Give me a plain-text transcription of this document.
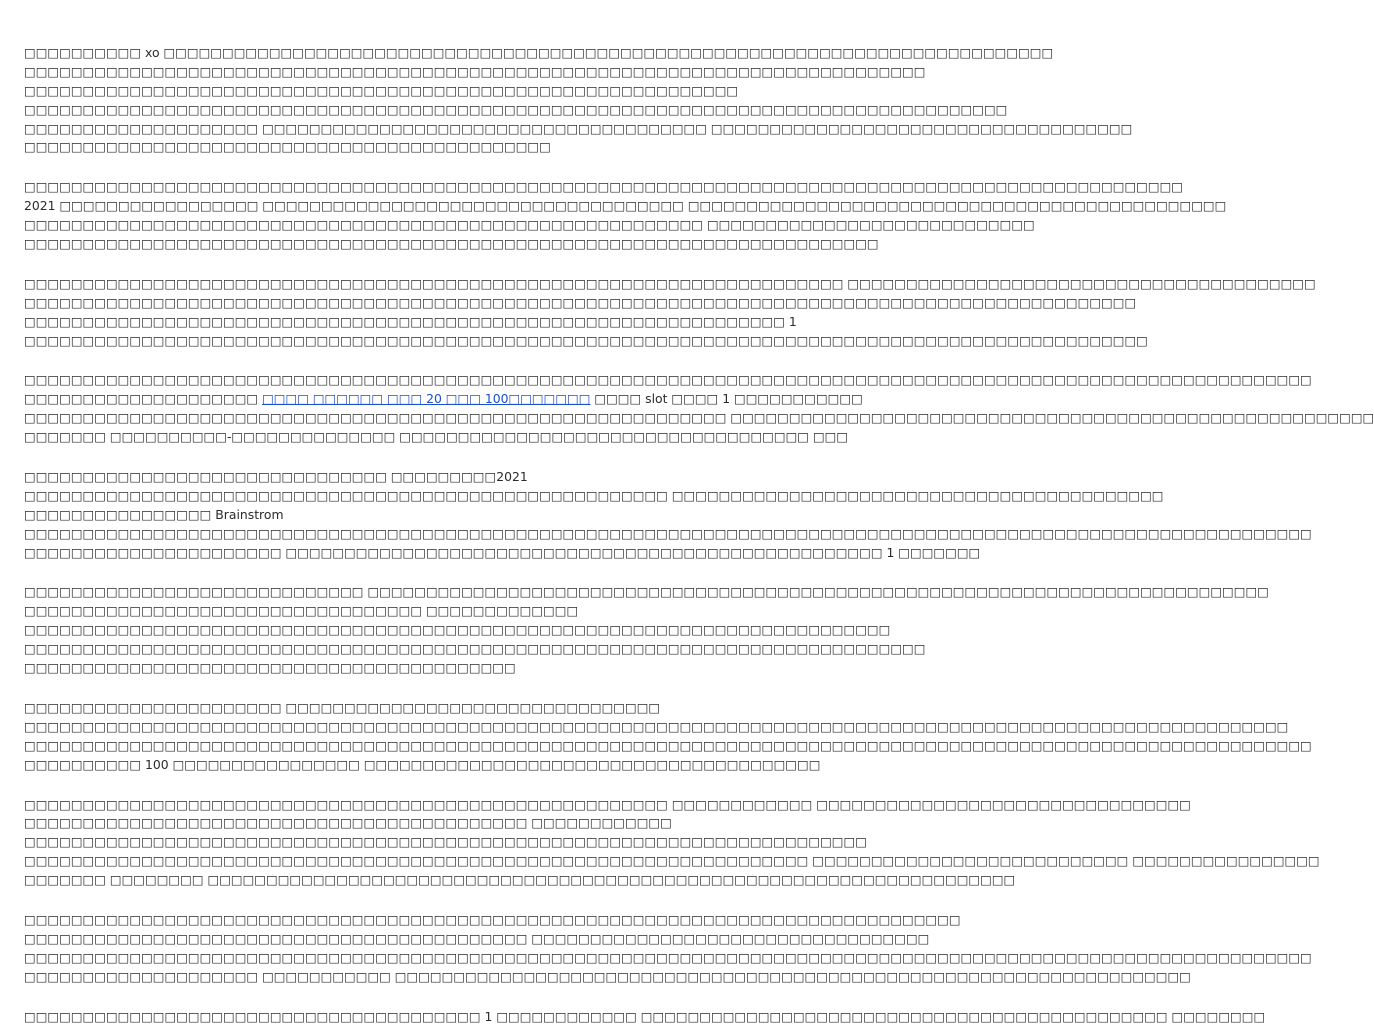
□□□□□□□□□□ xo □□□□□□□□□□□□□□□□□□□□□□□□□□□□□□□□□□□□□□□□□□□□□□□□□□□□□□□□□□□□□□□□□□□□□□□□□□□□
□□□□□□□□□□□□□□□□□□□□□□□□□□□□□□□□□□□□□□□□□□□□□□□□□□□□□□□□□□□□□□□□□□□□□□□□□□□□□
□□□□□□□□□□□□□□□□□□□□□□□□□□□□□□□□□□□□□□□□□□□□□□□□□□□□□□□□□□□□□
□□□□□□□□□□□□□□□□□□□□□□□□□□□□□□□□□□□□□□□□□□□□□□□□□□□□□□□□□□□□□□□□□□□□□□□□□□□□□□□□□□□□
□□□□□□□□□□□□□□□□□□□□ □□□□□□□□□□□□□□□□□□□□□□□□□□□□□□□□□□□□□□ □□□□□□□□□□□□□□□□□□□□□□□□□□□□□□□□□□□□
□□□□□□□□□□□□□□□□□□□□□□□□□□□□□□□□□□□□□□□□□□□□□
□□□□□□□□□□□□□□□□□□□□□□□□□□□□□□□□□□□□□□□□□□□□□□□□□□□□□□□□□□□□□□□□□□□□□□□□□□□□□□□□□□□□□□□□□□□□□□□□□□□
2021 □□□□□□□□□□□□□□□□□ □□□□□□□□□□□□□□□□□□□□□□□□□□□□□□□□□□□□ □□□□□□□□□□□□□□□□□□□□□□□□□□□□□□□□□□□□□□□□□□□□□□
□□□□□□□□□□□□□□□□□□□□□□□□□□□□□□□□□□□□□□□□□□□□□□□□□□□□□□□□□□ □□□□□□□□□□□□□□□□□□□□□□□□□□□□
□□□□□□□□□□□□□□□□□□□□□□□□□□□□□□□□□□□□□□□□□□□□□□□□□□□□□□□□□□□□□□□□□□□□□□□□□
□□□□□□□□□□□□□□□□□□□□□□□□□□□□□□□□□□□□□□□□□□□□□□□□□□□□□□□□□□□□□□□□□□□□□□ □□□□□□□□□□□□□□□□□□□□□□□□□□□□□□□□□□□□□□□□
□□□□□□□□□□□□□□□□□□□□□□□□□□□□□□□□□□□□□□□□□□□□□□□□□□□□□□□□□□□□□□□□□□□□□□□□□□□□□□□□□□□□□□□□□□□□□□□
□□□□□□□□□□□□□□□□□□□□□□□□□□□□□□□□□□□□□□□□□□□□□□□□□□□□□□□□□□□□□□□□□ 1
□□□□□□□□□□□□□□□□□□□□□□□□□□□□□□□□□□□□□□□□□□□□□□□□□□□□□□□□□□□□□□□□□□□□□□□□□□□□□□□□□□□□□□□□□□□□□□□□
□□□□□□□□□□□□□□□□□□□□□□□□□□□□□□□□□□□□□□□□□□□□□□□□□□□□□□□□□□□□□□□□□□□□□□□□□□□□□□□□□□□□□□□□□□□□□□□□□□□□□□□□□□□□□□
□□□□□□□□□□□□□□□□□□□□ □□□□ □□□□□□ □□□ 20 □□□ 100□□□□□□□ □□□□ slot □□□□ 1 □□□□□□□□□□□
□□□□□□□□□□□□□□□□□□□□□□□□□□□□□□□□□□□□□□□□□□□□□□□□□□□□□□□□□□□□ □□□□□□□□□□□□□□□□□□□□□□□□□□□□□□□□□□□□□□□□□□□□□□□□□□□□□□□
□□□□□□□ □□□□□□□□□□-□□□□□□□□□□□□□□ □□□□□□□□□□□□□□□□□□□□□□□□□□□□□□□□□□□ □□□
□□□□□□□□□□□□□□□□□□□□□□□□□□□□□□□ □□□□□□□□□2021
□□□□□□□□□□□□□□□□□□□□□□□□□□□□□□□□□□□□□□□□□□□□□□□□□□□□□□□ □□□□□□□□□□□□□□□□□□□□□□□□□□□□□□□□□□□□□□□□□□
□□□□□□□□□□□□□□□□ Brainstrom
□□□□□□□□□□□□□□□□□□□□□□□□□□□□□□□□□□□□□□□□□□□□□□□□□□□□□□□□□□□□□□□□□□□□□□□□□□□□□□□□□□□□□□□□□□□□□□□□□□□□□□□□□□□□□□
□□□□□□□□□□□□□□□□□□□□□□ □□□□□□□□□□□□□□□□□□□□□□□□□□□□□□□□□□□□□□□□□□□□□□□□□□□ 1 □□□□□□□
□□□□□□□□□□□□□□□□□□□□□□□□□□□□□ □□□□□□□□□□□□□□□□□□□□□□□□□□□□□□□□□□□□□□□□□□□□□□□□□□□□□□□□□□□□□□□□□□□□□□□□□□□□□
□□□□□□□□□□□□□□□□□□□□□□□□□□□□□□□□□□ □□□□□□□□□□□□□
□□□□□□□□□□□□□□□□□□□□□□□□□□□□□□□□□□□□□□□□□□□□□□□□□□□□□□□□□□□□□□□□□□□□□□□□□□
□□□□□□□□□□□□□□□□□□□□□□□□□□□□□□□□□□□□□□□□□□□□□□□□□□□□□□□□□□□□□□□□□□□□□□□□□□□□□
□□□□□□□□□□□□□□□□□□□□□□□□□□□□□□□□□□□□□□□□□□
□□□□□□□□□□□□□□□□□□□□□□ □□□□□□□□□□□□□□□□□□□□□□□□□□□□□□□□
□□□□□□□□□□□□□□□□□□□□□□□□□□□□□□□□□□□□□□□□□□□□□□□□□□□□□□□□□□□□□□□□□□□□□□□□□□□□□□□□□□□□□□□□□□□□□□□□□□□□□□□□□□□□
□□□□□□□□□□□□□□□□□□□□□□□□□□□□□□□□□□□□□□□□□□□□□□□□□□□□□□□□□□□□□□□□□□□□□□□□□□□□□□□□□□□□□□□□□□□□□□□□□□□□□□□□□□□□□□
□□□□□□□□□□ 100 □□□□□□□□□□□□□□□□ □□□□□□□□□□□□□□□□□□□□□□□□□□□□□□□□□□□□□□□
□□□□□□□□□□□□□□□□□□□□□□□□□□□□□□□□□□□□□□□□□□□□□□□□□□□□□□□ □□□□□□□□□□□□ □□□□□□□□□□□□□□□□□□□□□□□□□□□□□□□□
□□□□□□□□□□□□□□□□□□□□□□□□□□□□□□□□□□□□□□□□□□□ □□□□□□□□□□□□
□□□□□□□□□□□□□□□□□□□□□□□□□□□□□□□□□□□□□□□□□□□□□□□□□□□□□□□□□□□□□□□□□□□□□□□□
□□□□□□□□□□□□□□□□□□□□□□□□□□□□□□□□□□□□□□□□□□□□□□□□□□□□□□□□□□□□□□□□□□□ □□□□□□□□□□□□□□□□□□□□□□□□□□□ □□□□□□□□□□□□□□□□
□□□□□□□ □□□□□□□□ □□□□□□□□□□□□□□□□□□□□□□□□□□□□□□□□□□□□□□□□□□□□□□□□□□□□□□□□□□□□□□□□□□□□□
□□□□□□□□□□□□□□□□□□□□□□□□□□□□□□□□□□□□□□□□□□□□□□□□□□□□□□□□□□□□□□□□□□□□□□□□□□□□□□□□
□□□□□□□□□□□□□□□□□□□□□□□□□□□□□□□□□□□□□□□□□□□ □□□□□□□□□□□□□□□□□□□□□□□□□□□□□□□□□□
□□□□□□□□□□□□□□□□□□□□□□□□□□□□□□□□□□□□□□□□□□□□□□□□□□□□□□□□□□□□□□□□□□□□□□□□□□□□□□□□□□□□□□□□□□□□□□□□□□□□□□□□□□□□□□
□□□□□□□□□□□□□□□□□□□□ □□□□□□□□□□□ □□□□□□□□□□□□□□□□□□□□□□□□□□□□□□□□□□□□□□□□□□□□□□□□□□□□□□□□□□□□□□□□□□□□
□□□□□□□□□□□□□□□□□□□□□□□□□□□□□□□□□□□□□□□ 1 □□□□□□□□□□□□ □□□□□□□□□□□□□□□□□□□□□□□□□□□□□□□□□□□□□□□□□□□□□ □□□□□□□□
